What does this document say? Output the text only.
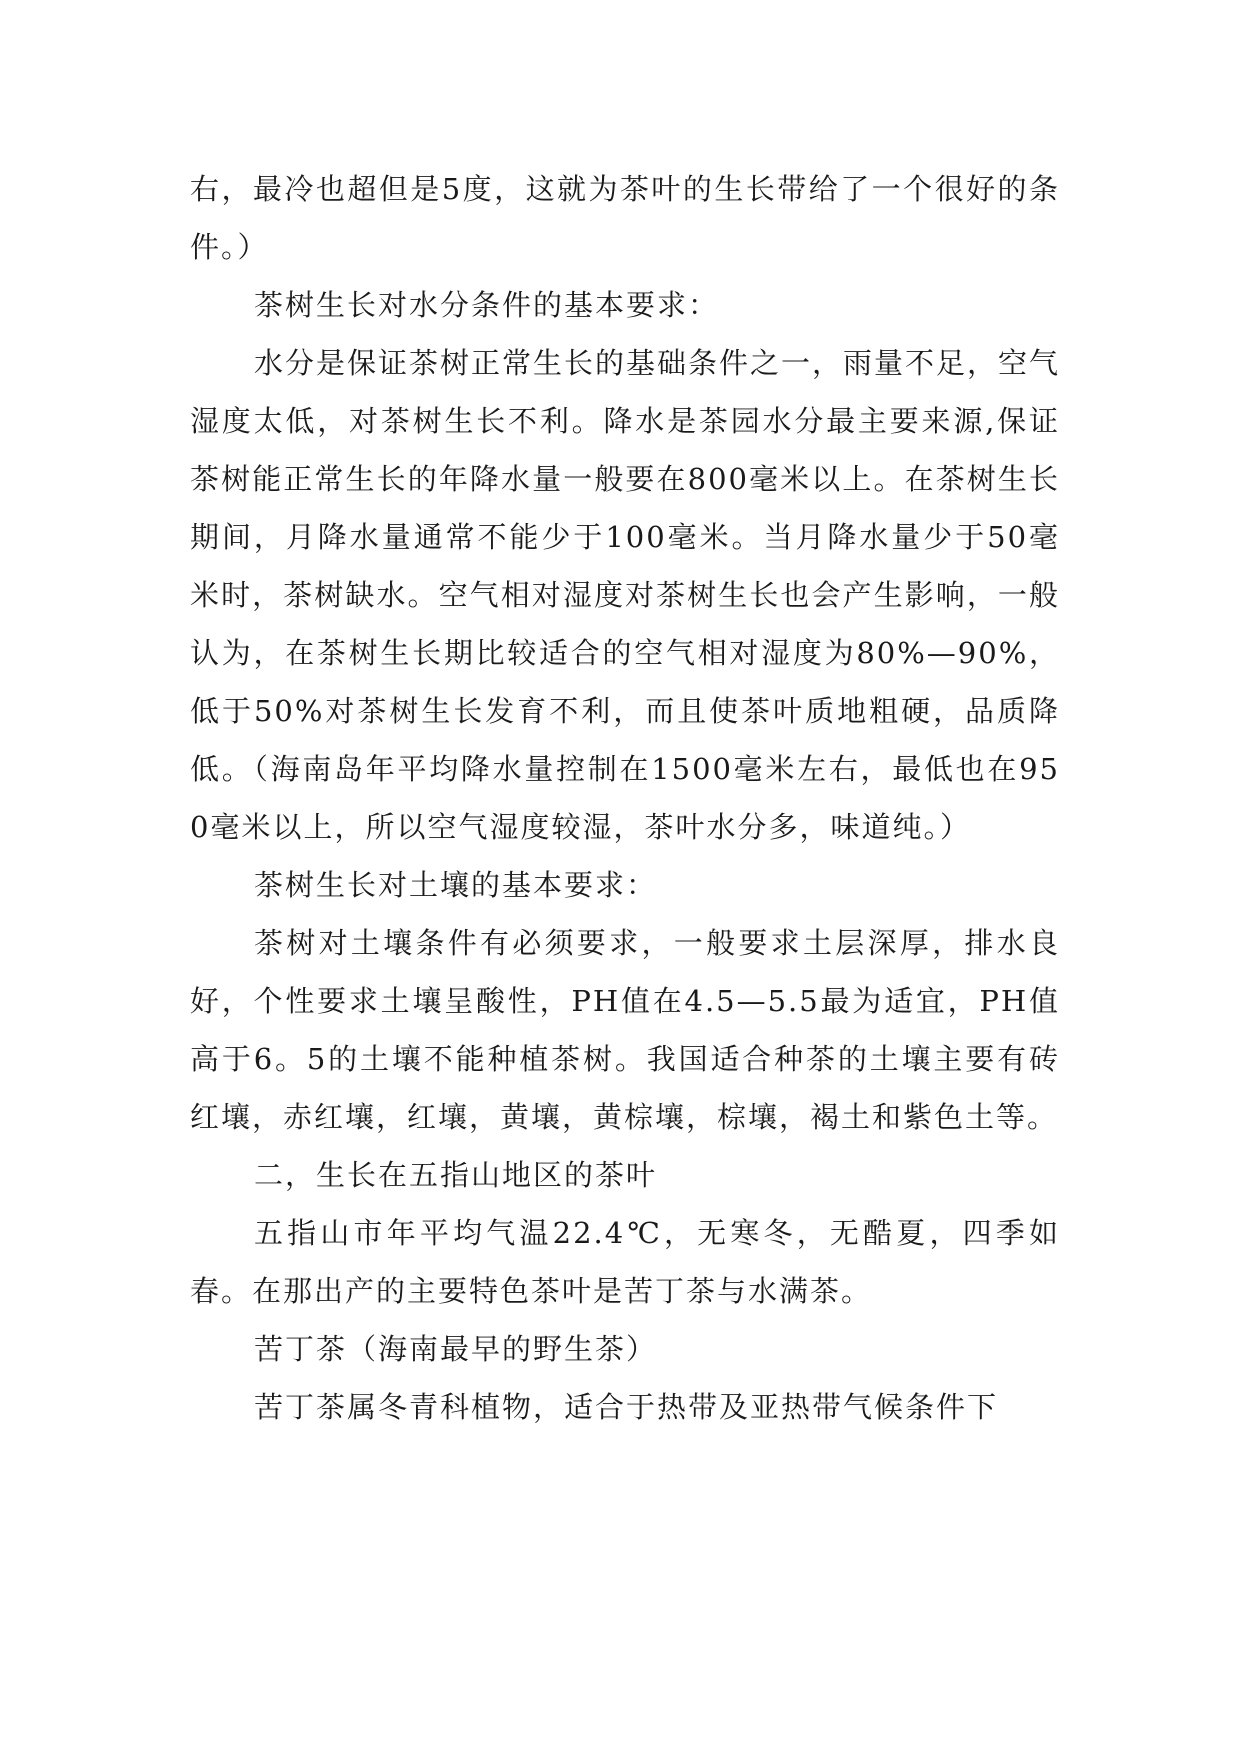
右，最冷也超但是5度，这就为茶叶的生长带给了一个很好的条件。）

茶树生长对水分条件的基本要求：

水分是保证茶树正常生长的基础条件之一，雨量不足，空气湿度太低，对茶树生长不利。降水是茶园水分最主要来源,保证茶树能正常生长的年降水量一般要在800毫米以上。在茶树生长期间，月降水量通常不能少于100毫米。当月降水量少于50毫米时，茶树缺水。空气相对湿度对茶树生长也会产生影响，一般认为，在茶树生长期比较适合的空气相对湿度为80%—90%，低于50%对茶树生长发育不利，而且使茶叶质地粗硬，品质降低。（海南岛年平均降水量控制在1500毫米左右，最低也在950毫米以上，所以空气湿度较湿，茶叶水分多，味道纯。）

茶树生长对土壤的基本要求：

茶树对土壤条件有必须要求，一般要求土层深厚，排水良好，个性要求土壤呈酸性，PH值在4.5—5.5最为适宜，PH值高于6。5的土壤不能种植茶树。我国适合种茶的土壤主要有砖红壤，赤红壤，红壤，黄壤，黄棕壤，棕壤，褐土和紫色土等。

二，生长在五指山地区的茶叶

五指山市年平均气温22.4℃，无寒冬，无酷夏，四季如春。在那出产的主要特色茶叶是苦丁茶与水满茶。

苦丁茶（海南最早的野生茶）

苦丁茶属冬青科植物，适合于热带及亚热带气候条件下
